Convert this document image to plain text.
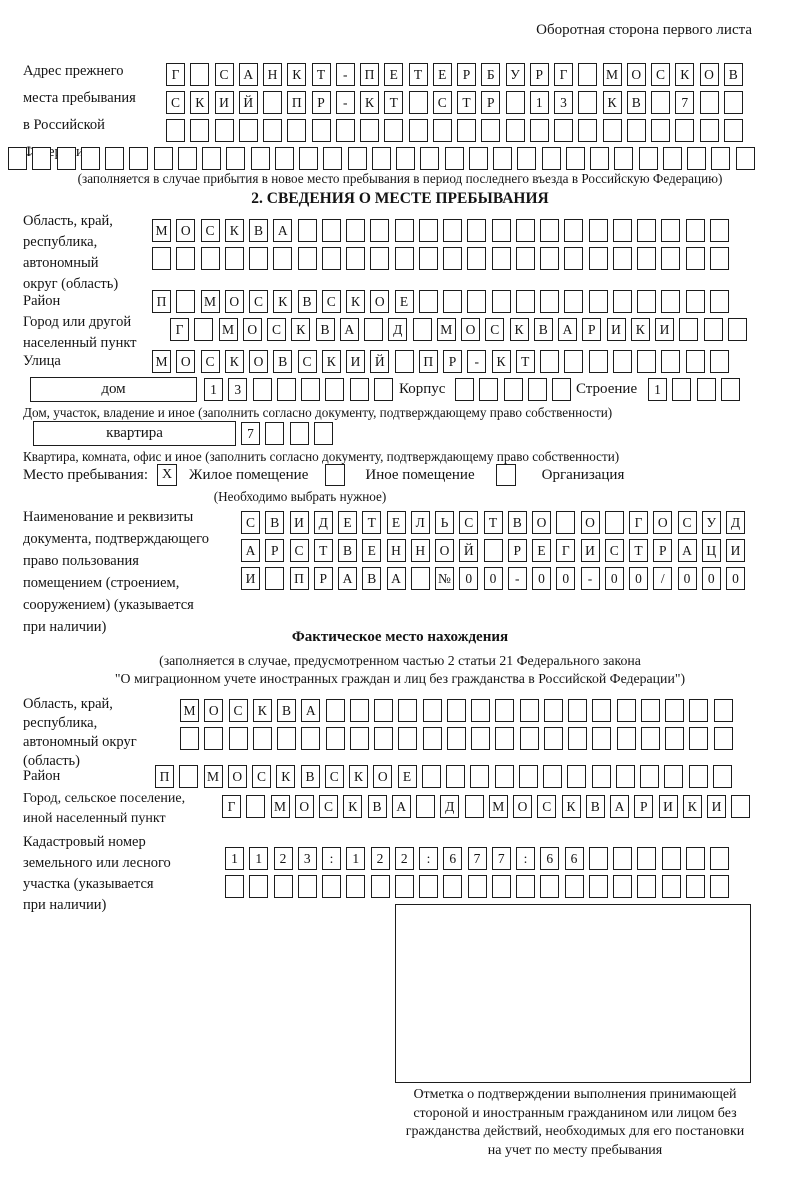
Оборотная сторона первого листа
Адрес прежнего
места пребывания
в Российской
Г	С	А	Н	К	Т	-	П	Е	Т	Е	Р	Б	У	Р	Г	М О	С	К	О	В
С	К	И	Й	П	Р	-	К	Т	С	Т	Р	1	3	К	В	7
(заполняется в случае прибытия в новое место пребывания в период последнего въезда в Российскую Федерацию)
2. СВЕДЕНИЯ О МЕСТЕ ПРЕБЫВАНИЯ
Область, край,
республика,
автономный
округ (область)
М О	С	К	В	А
Район	П	М О	С	К	В	С	К	О	Е
Город или другой
населенный пункт
Г	М О	С	К	В	А	Д	М О	С	К	В	А	Р	И	К	И
Улица	М О	С	К	О	В	С	К	И	Й	П	Р	-	К	Т
дом	1	3	Корпус	Строение	1
Дом, участок, владение и иное (заполнить согласно документу, подтверждающему право собственности)
квартира	7
Квартира, комната, офис и иное (заполнить согласно документу, подтверждающему право собственности)
Место пребывания: X	Жилое помещение	Иное помещение	Организация
(Необходимо выбрать нужное)
Наименование и реквизиты
документа, подтверждающего
право пользования
помещением (строением,
сооружением) (указывается
при наличии)
С	В	И	Д	Е	Т	Е	Л	Ь	С	Т	В	О	О	Г	О	С	У	Д
А	Р	С	Т	В	Е	Н	Н	О	Й	Р	Е	Г	И	С	Т	Р	А	Ц	И
И	П	Р	А	В	А	№	0	0	-	0	0	-	0	0	/	0	0	0
Фактическое место нахождения
(заполняется в случае, предусмотренном частью 2 статьи 21 Федерального закона
"О миграционном учете иностранных граждан и лиц без гражданства в Российской Федерации")
Область, край,
республика,
автономный округ
(область)
М О	С	К	В	А
Район	П	М О	С	К	В	С	К	О	Е
Город, сельское поселение,
иной населенный пункт
Г	М О	С	К	В	А	Д	М О	С	К	В	А	Р	И	К	И
Кадастровый номер
земельного или лесного
участка (указывается
при наличии)
1	1	2	3	:	1	2	2	:	6	7	7	:	6	6
Отметка о подтверждении выполнения принимающей
стороной и иностранным гражданином или лицом без
гражданства действий, необходимых для его постановки
на учет по месту пребывания
